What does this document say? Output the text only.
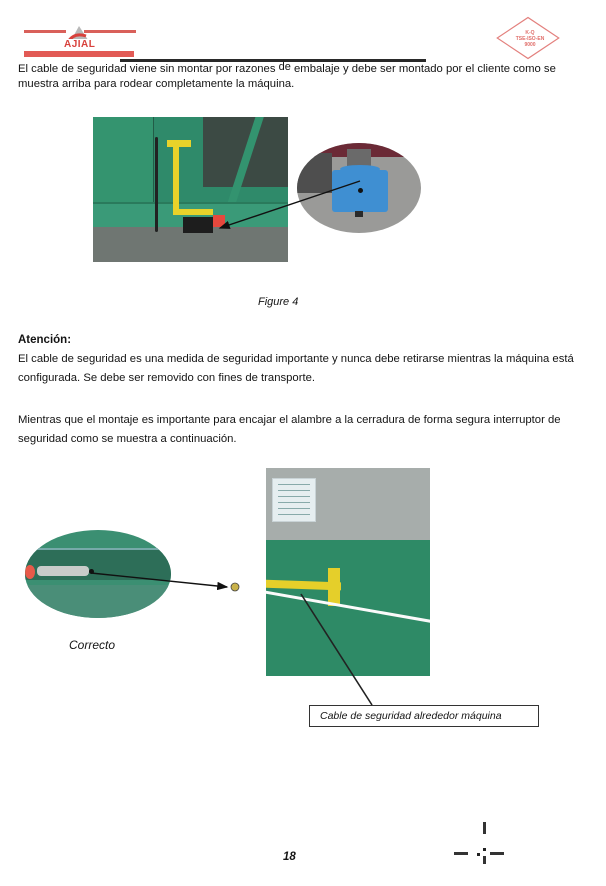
AJIAL
K-Q
TSE-ISO-EN
9000
El cable de seguridad viene sin montar por razones de embalaje y debe ser montado por el cliente como se muestra arriba para rodear completamente la máquina.
Figure 4
Atención:
El cable de seguridad es una medida de seguridad importante y nunca debe retirarse mientras la máquina está configurada. Se debe ser removido con fines de transporte.
Mientras que el montaje es importante para encajar el alambre a la cerradura de forma segura interruptor de seguridad como se muestra a continuación.
Correcto
Cable de seguridad alrededor máquina
18
